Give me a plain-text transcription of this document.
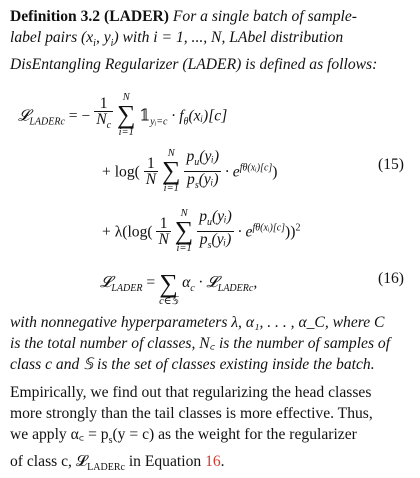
Definition 3.2 (LADER) For a single batch of sample-
label pairs ($x_i$, $y_i$) with i = 1, ..., N, LAbel distribution
DisEntangling Regularizer (LADER) is defined as follows:
𝓛$_{LADERc}$ = − $\frac{1}{N_c}$
N
∑
i=1
$𝟙_{yᵢ=c}$ · $f_\theta(xᵢ)[c]$
+ $\log( \frac{1}{N}$

N
∑
i=1
$\frac{p_u(yᵢ)}{p_s(yᵢ)} \cdot e^{f\theta(xᵢ)[c]}$)	(15)
+ $\lambda(\log( \frac{1}{N}$

N
∑
i=1
$\frac{p_u(yᵢ)}{p_s(yᵢ)} \cdot e^{f\theta(xᵢ)[c]}))^2$
𝓛$_{LADER}$ = ∑
c∈𝕊
$\alpha_c$ · 𝓛$_{LADERc}$,	(16)
with nonnegative hyperparameters λ, α₁, . . . , α_C, where C
is the total number of classes, N꜀ is the number of samples of
class c and 𝕊 is the set of classes existing inside the batch.
Empirically, we find out that regularizing the head classes
more strongly than the tail classes is more effective. Thus,
we apply α꜀ = $p_s(y = c)$ as the weight for the regularizer
of class c, 𝓛$_{LADERc}$ in Equation 16.
